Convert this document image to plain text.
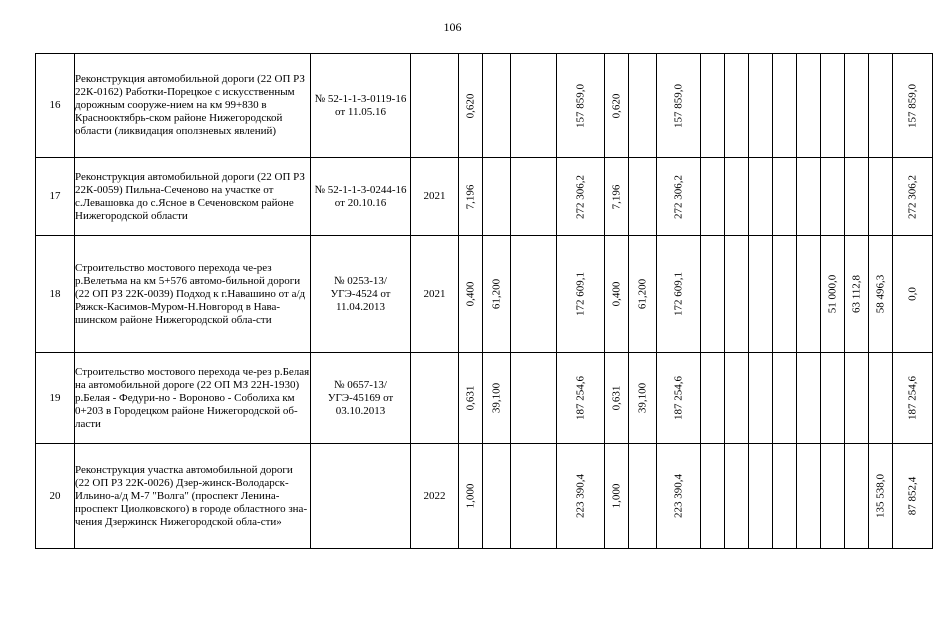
106
16	Реконструкция автомобильной дороги (22 ОП РЗ 22К-0162) Работки-Порецкое с искусственным дорожным сооруже-нием на км 99+830 в Краснооктябрь-ском районе Нижегородской области (ликвидация оползневых явлений)	№ 52-1-1-3-0119-16 от 11.05.16		0,620			157 859,0	0,620		157 859,0									157 859,0

17	Реконструкция автомобильной дороги (22 ОП РЗ 22К-0059) Пильна-Сеченово на участке от с.Левашовка до с.Ясное в Сеченовском районе Нижегородской области	№ 52-1-1-3-0244-16 от 20.10.16	2021	7,196			272 306,2	7,196		272 306,2									272 306,2

18	Строительство мостового перехода че-рез р.Велетьма на км 5+576 автомо-бильной дороги (22 ОП РЗ 22К-0039) Подход к г.Навашино от а/д Ряжск-Касимов-Муром-Н.Новгород в Нава-шинском районе Нижегородской обла-сти	№ 0253-13/УГЭ-4524 от 11.04.2013	2021	0,400	61,200		172 609,1	0,400	61,200	172 609,1						51 000,0	63 112,8	58 496,3	0,0

19	Строительство мостового перехода че-рез р.Белая на автомобильной дороге (22 ОП МЗ 22Н-1930) р.Белая - Федури-но - Вороново - Соболиха км 0+203 в Городецком районе Нижегородской об-ласти	№ 0657-13/УГЭ-45169 от 03.10.2013		0,631	39,100		187 254,6	0,631	39,100	187 254,6									187 254,6

20	Реконструкция участка автомобильной дороги (22 ОП РЗ 22К-0026) Дзер-жинск-Володарск-Ильино-а/д М-7 "Волга" (проспект Ленина-проспект Циолковского) в городе областного зна-чения Дзержинск Нижегородской обла-сти»		2022	1,000			223 390,4	1,000		223 390,4								135 538,0	87 852,4
